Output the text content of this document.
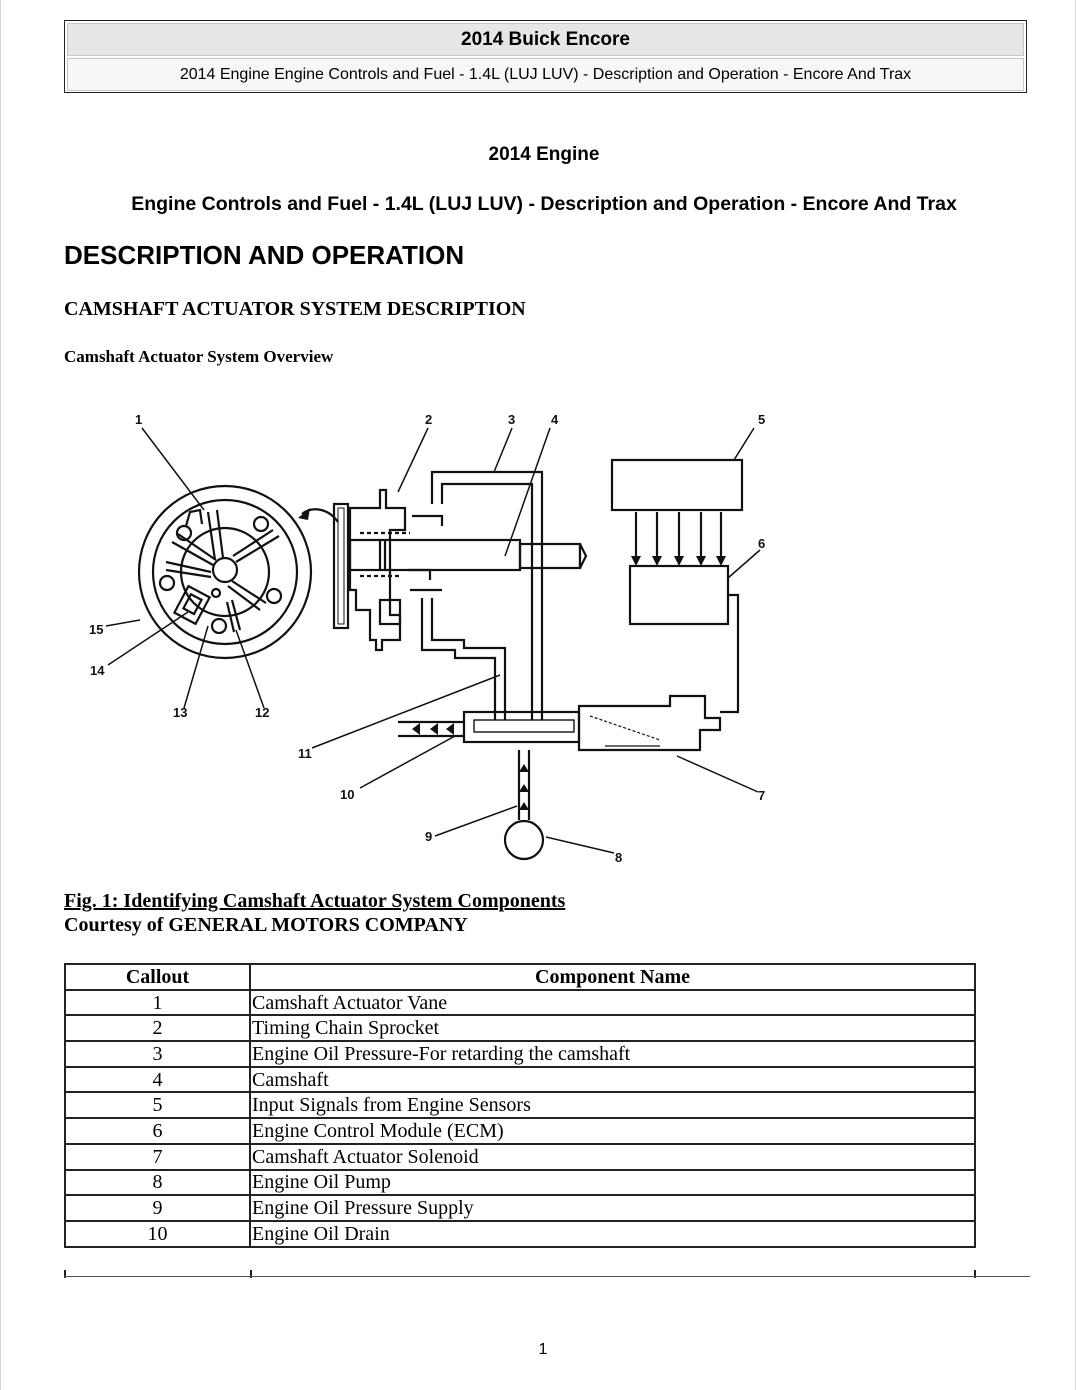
2014 Buick Encore
2014 Engine Engine Controls and Fuel - 1.4L (LUJ LUV) - Description and Operation - Encore And Trax
2014 Engine
Engine Controls and Fuel - 1.4L (LUJ LUV) - Description and Operation - Encore And Trax
DESCRIPTION AND OPERATION
CAMSHAFT ACTUATOR SYSTEM DESCRIPTION
Camshaft Actuator System Overview
1	2	3	4	5
6
7
8
9
10
11
12
13
14
15
Fig. 1: Identifying Camshaft Actuator System Components
Courtesy of GENERAL MOTORS COMPANY
Callout	Component Name
1	Camshaft Actuator Vane
2	Timing Chain Sprocket
3	Engine Oil Pressure-For retarding the camshaft
4	Camshaft
5	Input Signals from Engine Sensors
6	Engine Control Module (ECM)
7	Camshaft Actuator Solenoid
8	Engine Oil Pump
9	Engine Oil Pressure Supply
10	Engine Oil Drain
1
